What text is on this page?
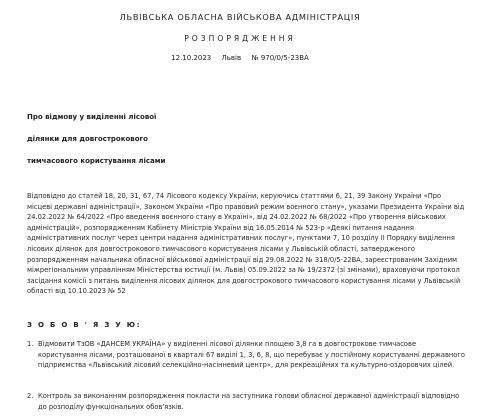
ЛЬВІВСЬКА ОБЛАСНА ВІЙСЬКОВА АДМІНІСТРАЦІЯ
РОЗПОРЯДЖЕННЯ
12.10.2023 Львів № 970/0/5-23ВА
Про відмову у виділенні лісової
ділянки для довгострокового
тимчасового користування лісами
Відповідно до статей 18, 20, 31, 67, 74 Лісового кодексу України, керуючись статтями 6, 21, 39 Закону України «Про місцеві державні адміністрації», Законом України «Про правовий режим воєнного стану», указами Президента України від 24.02.2022 № 64/2022 «Про введення воєнного стану в Україні», від 24.02.2022 № 68/2022 «Про утворення військових адміністрацій», розпорядженням Кабінету Міністрів України від 16.05.2014 № 523-р «Деякі питання надання адміністративних послуг через центри надання адміністративних послуг», пунктами 7, 10 розділу ІІ Порядку виділення лісових ділянок для довгострокового тимчасового користування лісами у Львівській області, затвердженого розпорядженням начальника обласної військової адміністрації від 29.08.2022 № 318/0/5-22ВА, зареєстрованим Західним міжрегіональним управлінням Міністерства юстиції (м. Львів) 05.09.2022 за № 19/2372 (зі змінами), враховуючи протокол засідання комісії з питань виділення лісових ділянок для довгострокового тимчасового користування лісами у Львівській області від 10.10.2023 № 52
З О Б О В ' Я З У Ю:
1. Відмовити ТзОВ «ДАНСЕМ УКРАЇНА» у виділенні лісової ділянки площею 3,8 га в довгострокове тимчасове користування лісами, розташованої в кварталі 67 виділі 1, 3, 6, 8, що перебуває у постійному користуванні державного підприємства «Львівський лісовий селекційно-насінневий центр», для рекреаційних та культурно-оздоровчих цілей.
2. Контроль за виконанням розпорядження покласти на заступника голови обласної державної адміністрації відповідно до розподілу функціональних обов'язків.
